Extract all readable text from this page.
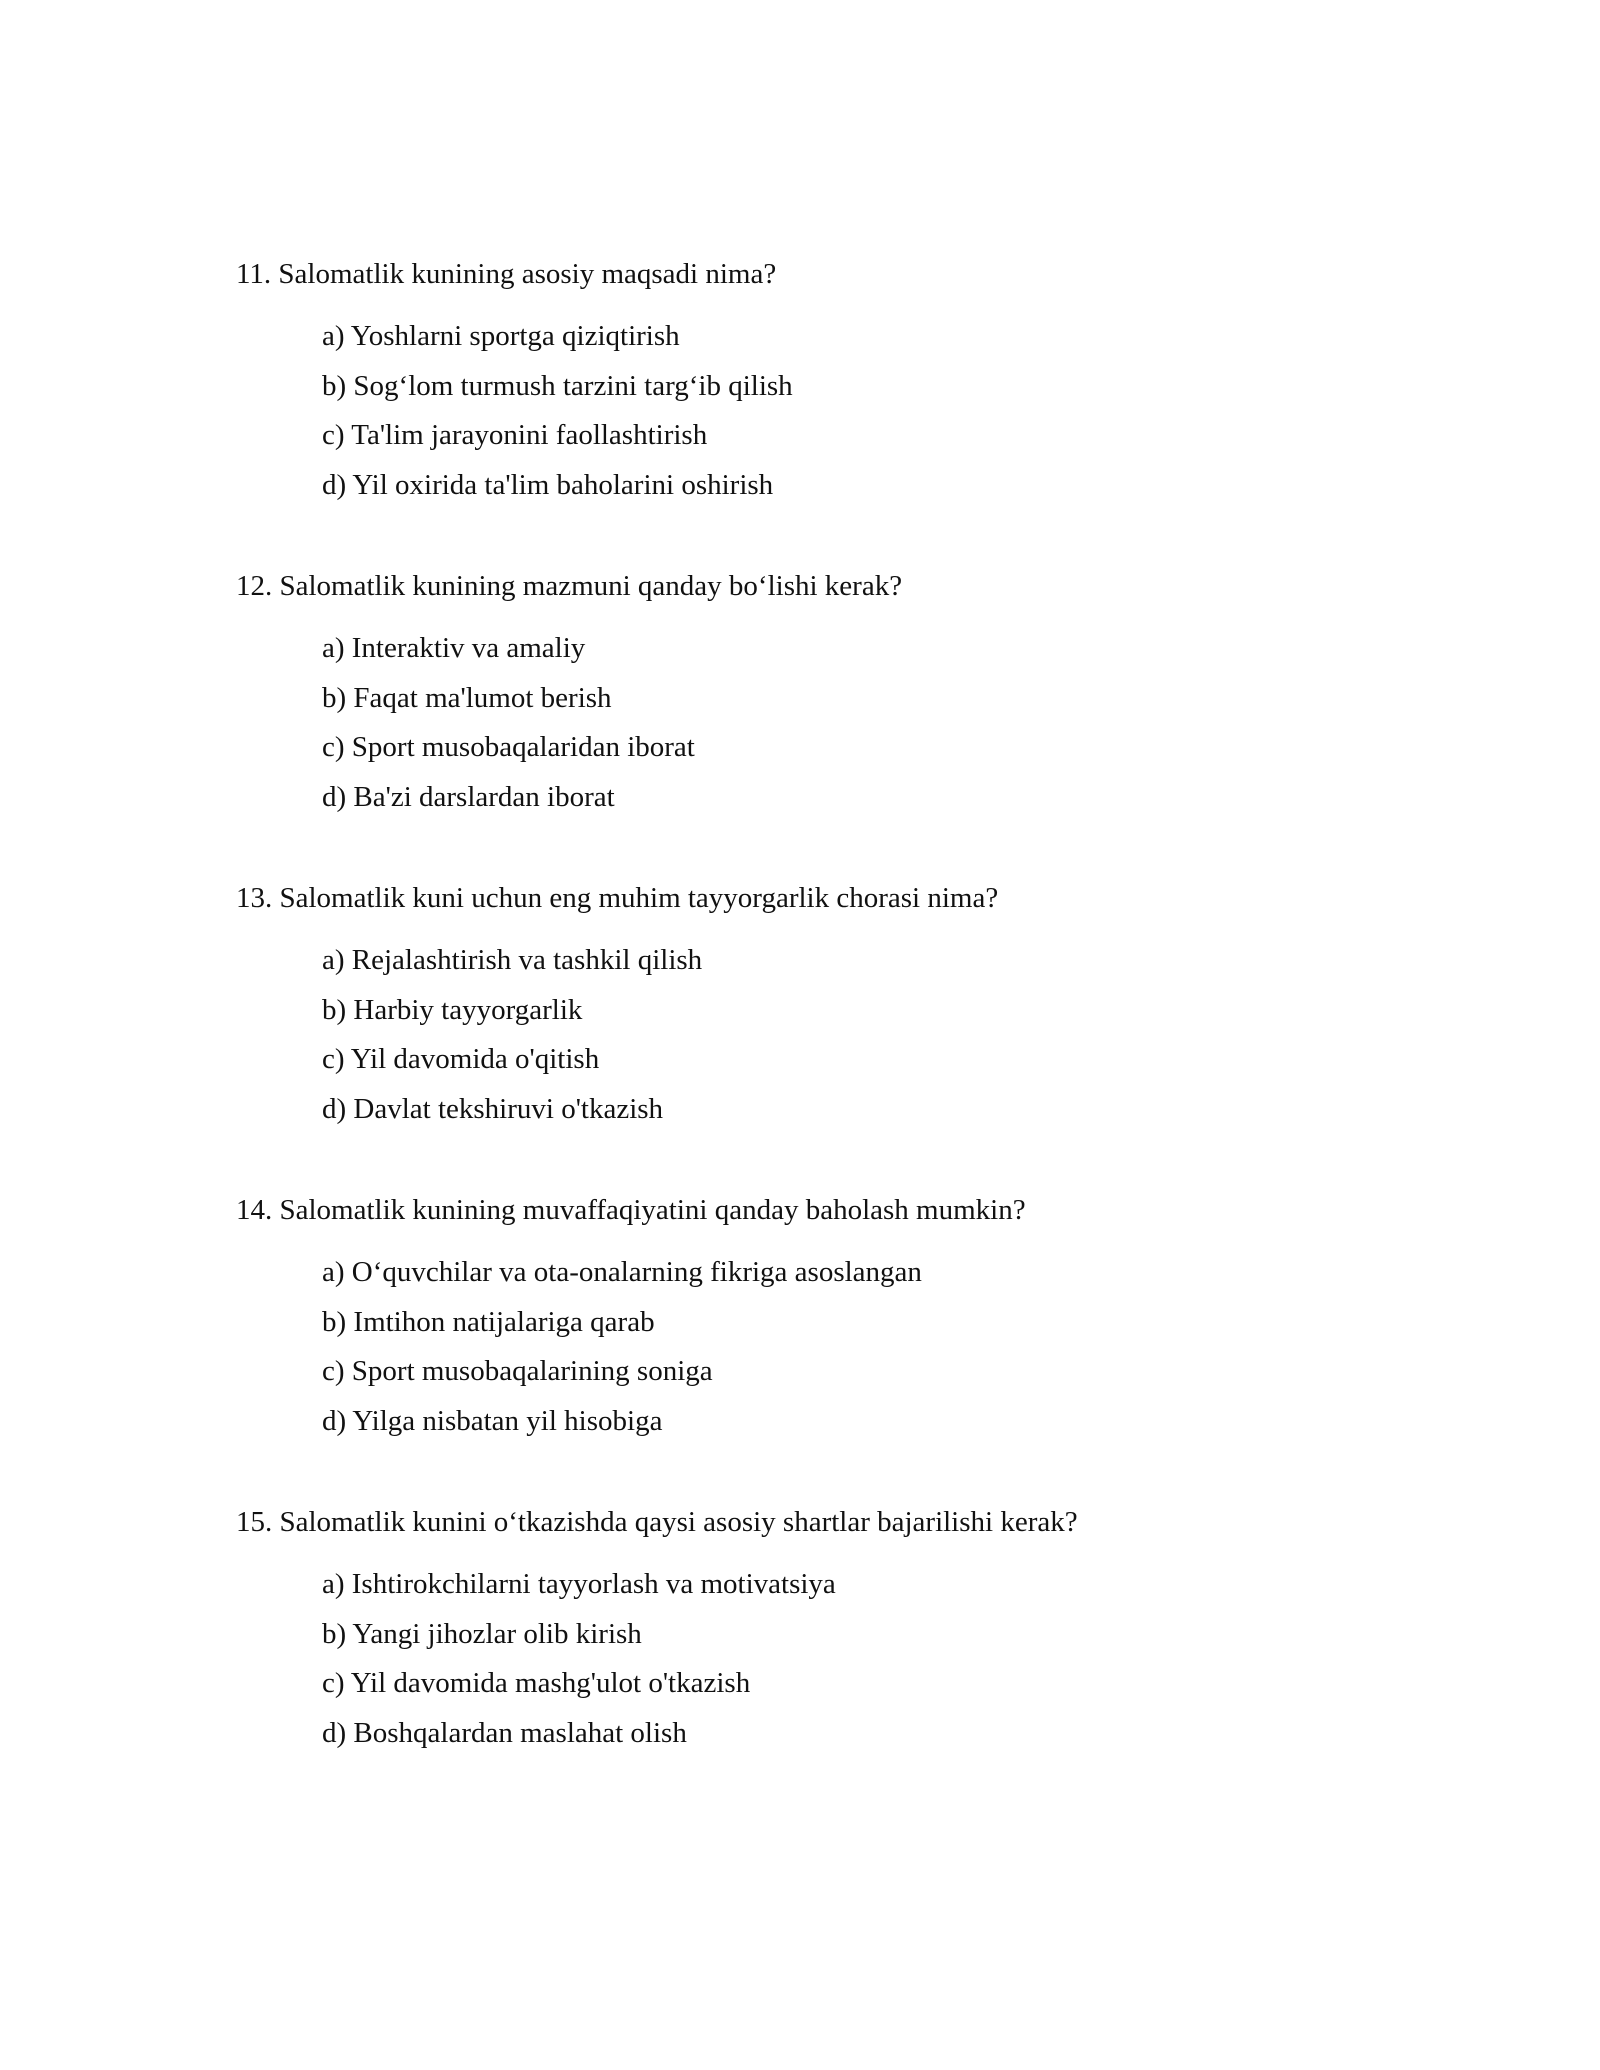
11. Salomatlik kunining asosiy maqsadi nima?
a) Yoshlarni sportga qiziqtirish
b) Sog‘lom turmush tarzini targ‘ib qilish
c) Ta'lim jarayonini faollashtirish
d) Yil oxirida ta'lim baholarini oshirish
12. Salomatlik kunining mazmuni qanday bo‘lishi kerak?
a) Interaktiv va amaliy
b) Faqat ma'lumot berish
c) Sport musobaqalaridan iborat
d) Ba'zi darslardan iborat
13. Salomatlik kuni uchun eng muhim tayyorgarlik chorasi nima?
a) Rejalashtirish va tashkil qilish
b) Harbiy tayyorgarlik
c) Yil davomida o'qitish
d) Davlat tekshiruvi o'tkazish
14. Salomatlik kunining muvaffaqiyatini qanday baholash mumkin?
a) O‘quvchilar va ota-onalarning fikriga asoslangan
b) Imtihon natijalariga qarab
c) Sport musobaqalarining soniga
d) Yilga nisbatan yil hisobiga
15. Salomatlik kunini o‘tkazishda qaysi asosiy shartlar bajarilishi kerak?
a) Ishtirokchilarni tayyorlash va motivatsiya
b) Yangi jihozlar olib kirish
c) Yil davomida mashg'ulot o'tkazish
d) Boshqalardan maslahat olish
